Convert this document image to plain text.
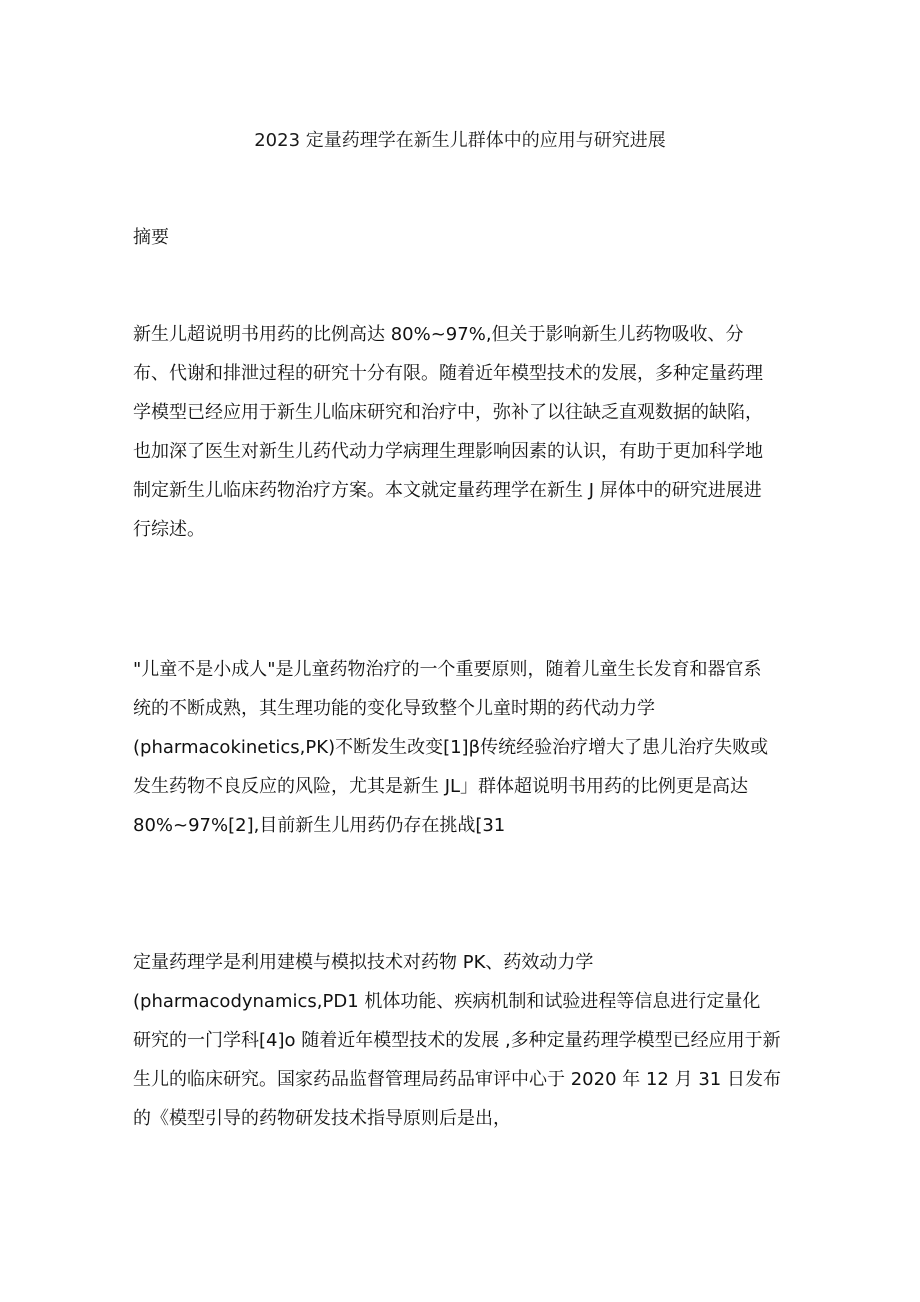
2023 定量药理学在新生儿群体中的应用与研究进展
摘要
新生儿超说明书用药的比例高达 80%~97%,但关于影响新生儿药物吸收、分
布、代谢和排泄过程的研究十分有限。随着近年模型技术的发展，多种定量药理
学模型已经应用于新生儿临床研究和治疗中，弥补了以往缺乏直观数据的缺陷，
也加深了医生对新生儿药代动力学病理生理影响因素的认识，有助于更加科学地
制定新生儿临床药物治疗方案。本文就定量药理学在新生 J 屏体中的研究进展进
行综述。
"儿童不是小成人"是儿童药物治疗的一个重要原则，随着儿童生长发育和器官系
统的不断成熟，其生理功能的变化导致整个儿童时期的药代动力学
(pharmacokinetics,PK)不断发生改变[1]β传统经验治疗增大了患儿治疗失败或
发生药物不良反应的风险，尤其是新生 JL」群体超说明书用药的比例更是高达
80%~97%[2],目前新生儿用药仍存在挑战[31
定量药理学是利用建模与模拟技术对药物 PK、药效动力学
(pharmacodynamics,PD1 机体功能、疾病机制和试验进程等信息进行定量化
研究的一门学科[4]o 随着近年模型技术的发展 ,多种定量药理学模型已经应用于新
生儿的临床研究。国家药品监督管理局药品审评中心于 2020 年 12 月 31 日发布
的《模型引导的药物研发技术指导原则后是出，
